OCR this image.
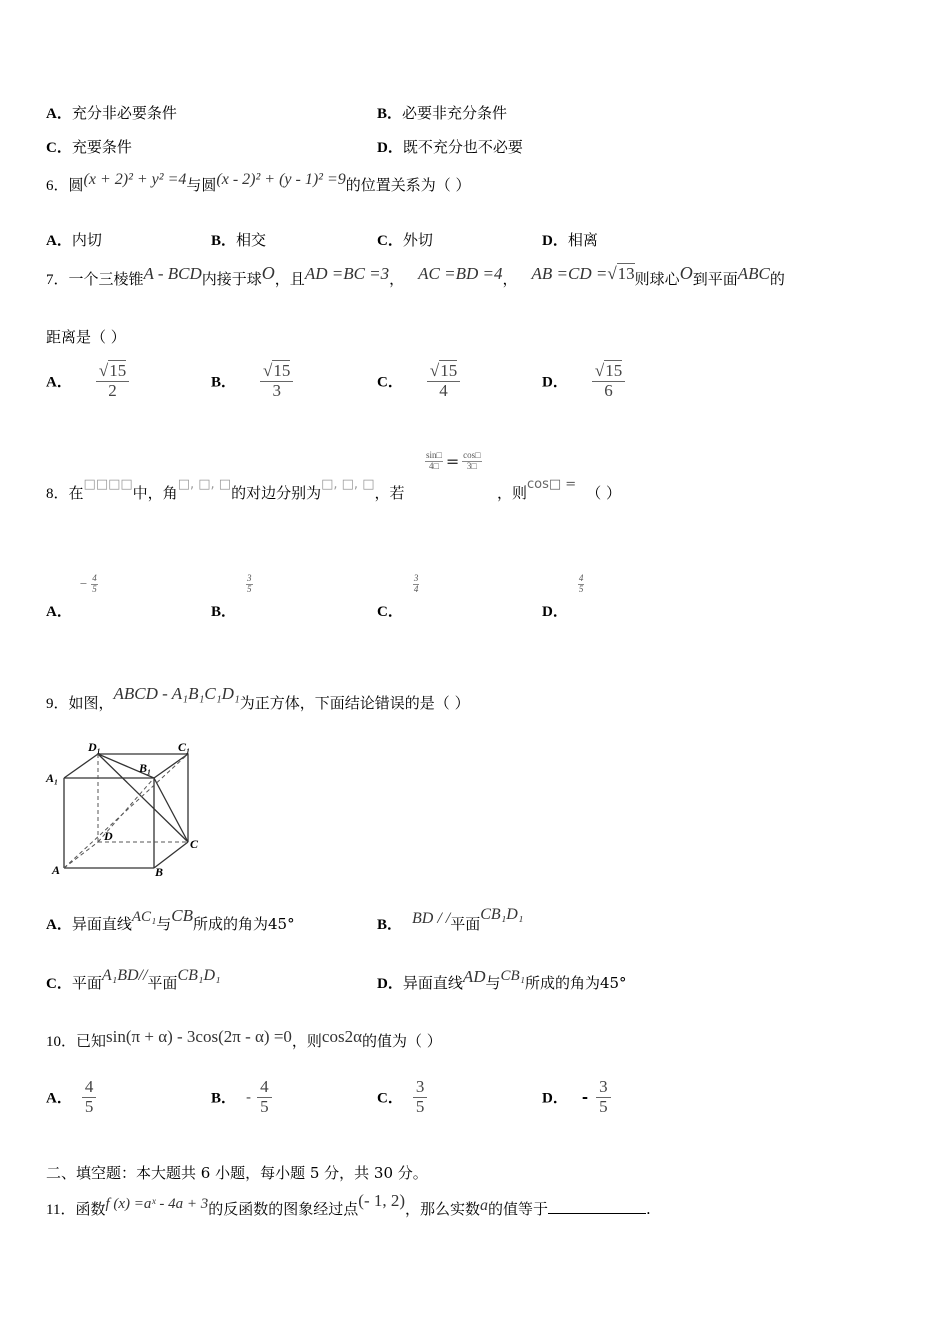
A．充分非必要条件	B．必要非充分条件
C．充要条件	D．既不充分也不必要
6．圆(x + 2)² + y² =4与圆(x - 2)² + (y - 1)² =9的位置关系为（ ）
A．内切	B．相交	C．外切	D．相离
7．一个三棱锥A - BCD内接于球O，且AD =BC =3， AC =BD =4， AB =CD =√13则球心O到平面ABC的
距离是（ ）
A． $\frac{√15}{2}$	B． $\frac{√15}{3}$	C． $\frac{√15}{4}$	D． $\frac{√15}{6}$
8．在□□□□中，角□, □, □的对边分别为□, □, □，若
$\frac{\sin□}{4□} = \frac{\cos□}{3□}$
，则cos□ = （ ）
A．
− $\frac{4}{5}$
B．
$\frac{3}{5}$
C．
$\frac{3}{4}$
D．
$\frac{4}{5}$
9．如图，ABCD - A₁B₁C₁D₁为正方体，下面结论错误的是（ ）
D₁	C₁
A₁
B₁
D
C
A	B
A．异面直线AC₁与CB所成的角为45°	B． BD / /平面CB₁D₁
C．平面A₁BD//平面CB₁D₁	D．异面直线AD与CB₁所成的角为45°
10．已知sin(π + α) - 3cos(2π - α) =0，则cos2α的值为（ ）
A． $\frac{4}{5}$	B． - $\frac{4}{5}$	C． $\frac{3}{5}$	D． - $\frac{3}{5}$
二、填空题：本大题共 6 小题，每小题 5 分，共 30 分。
11．函数f (x) =aˣ - 4a + 3的反函数的图象经过点(- 1, 2)，那么实数a的值等于	.
